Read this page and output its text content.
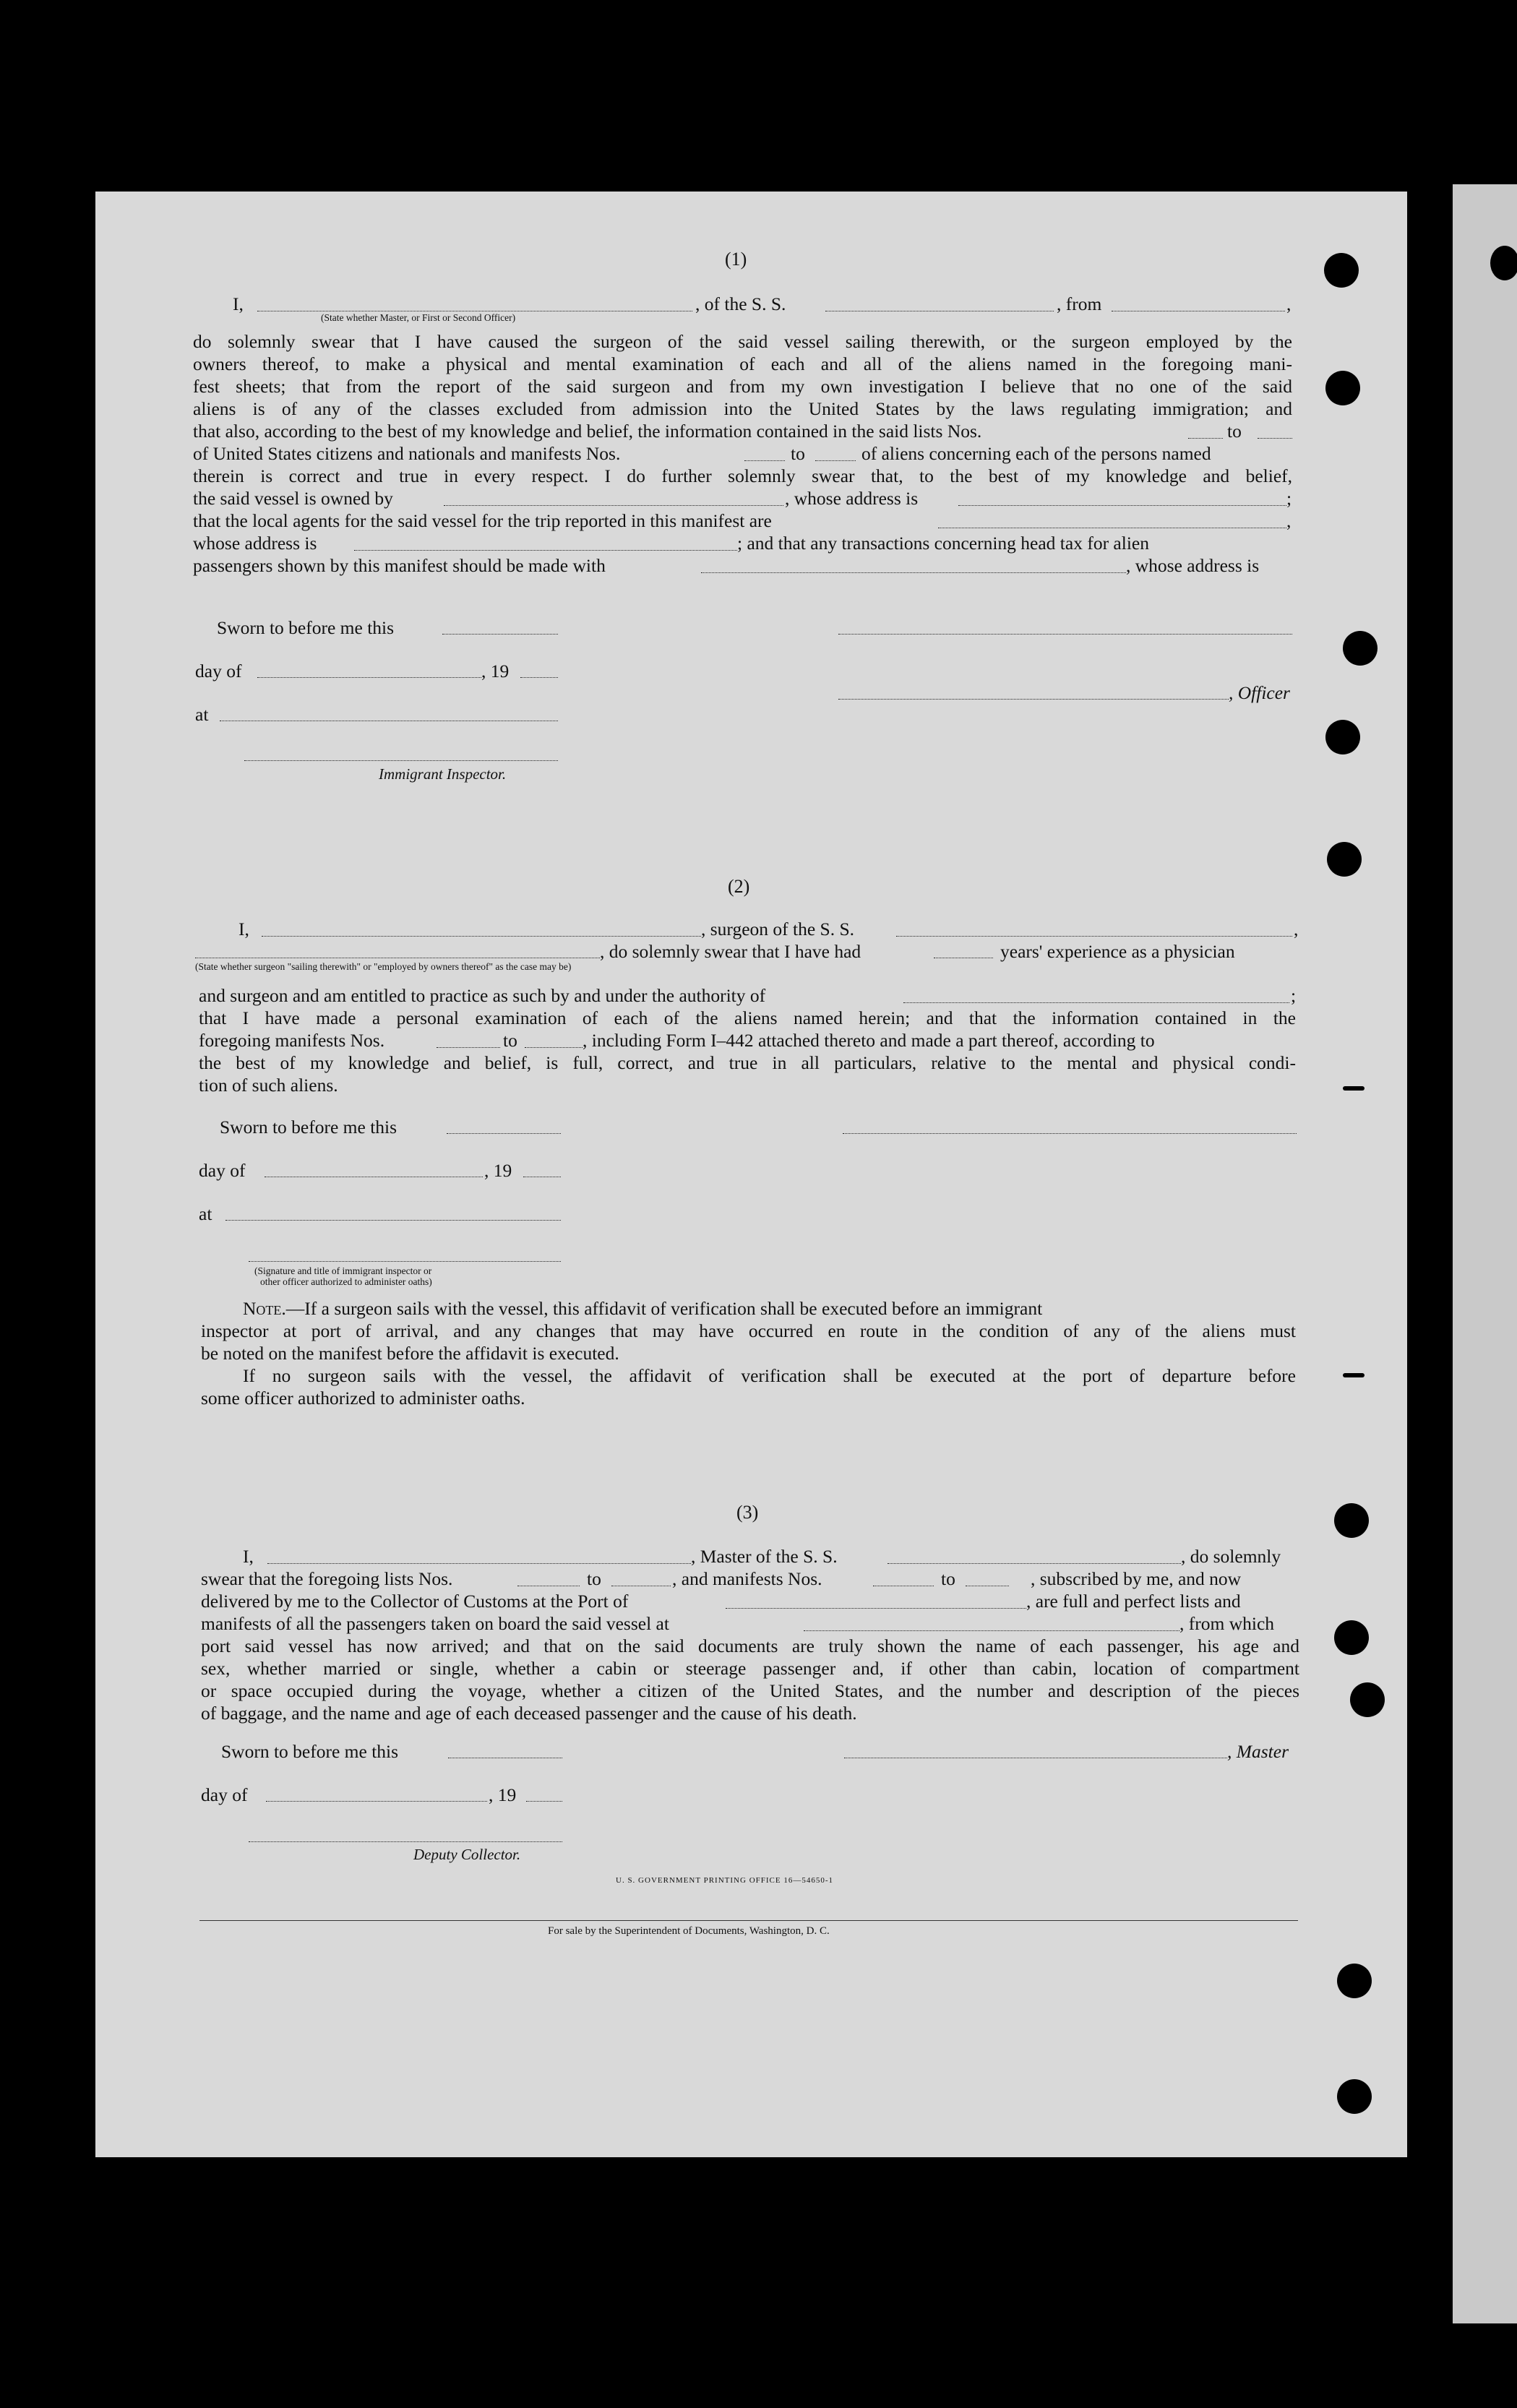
(1)
I,	, of the S. S.	, from	,
(State whether Master, or First or Second Officer)
do solemnly swear that I have caused the surgeon of the said vessel sailing therewith, or the surgeon employed by the
owners thereof, to make a physical and mental examination of each and all of the aliens named in the foregoing mani-
fest sheets; that from the report of the said surgeon and from my own investigation I believe that no one of the said
aliens is of any of the classes excluded from admission into the United States by the laws regulating immigration; and
that also, according to the best of my knowledge and belief, the information contained in the said lists Nos.	to
of United States citizens and nationals and manifests Nos.	to	of aliens concerning each of the persons named
therein is correct and true in every respect. I do further solemnly swear that, to the best of my knowledge and belief,
the said vessel is owned by	, whose address is	;
that the local agents for the said vessel for the trip reported in this manifest are	,
whose address is	; and that any transactions concerning head tax for alien
passengers shown by this manifest should be made with	, whose address is
Sworn to before me this
day of	, 19
, Officer
at
Immigrant Inspector.
(2)
I,	, surgeon of the S. S.	,
, do solemnly swear that I have had	years' experience as a physician
(State whether surgeon "sailing therewith" or "employed by owners thereof" as the case may be)
and surgeon and am entitled to practice as such by and under the authority of	;
that I have made a personal examination of each of the aliens named herein; and that the information contained in the
foregoing manifests Nos.	to	, including Form I–442 attached thereto and made a part thereof, according to
the best of my knowledge and belief, is full, correct, and true in all particulars, relative to the mental and physical condi-
tion of such aliens.
Sworn to before me this
day of	, 19
at
(Signature and title of immigrant inspector or
other officer authorized to administer oaths)
Note.—If a surgeon sails with the vessel, this affidavit of verification shall be executed before an immigrant
inspector at port of arrival, and any changes that may have occurred en route in the condition of any of the aliens must
be noted on the manifest before the affidavit is executed.
If no surgeon sails with the vessel, the affidavit of verification shall be executed at the port of departure before
some officer authorized to administer oaths.
(3)
I,	, Master of the S. S.	, do solemnly
swear that the foregoing lists Nos.	to	, and manifests Nos.	to	, subscribed by me, and now
delivered by me to the Collector of Customs at the Port of	, are full and perfect lists and
manifests of all the passengers taken on board the said vessel at	, from which
port said vessel has now arrived; and that on the said documents are truly shown the name of each passenger, his age and
sex, whether married or single, whether a cabin or steerage passenger and, if other than cabin, location of compartment
or space occupied during the voyage, whether a citizen of the United States, and the number and description of the pieces
of baggage, and the name and age of each deceased passenger and the cause of his death.
Sworn to before me this	, Master
day of	, 19
Deputy Collector.
U. S. GOVERNMENT PRINTING OFFICE 16—54650-1
For sale by the Superintendent of Documents, Washington, D. C.
